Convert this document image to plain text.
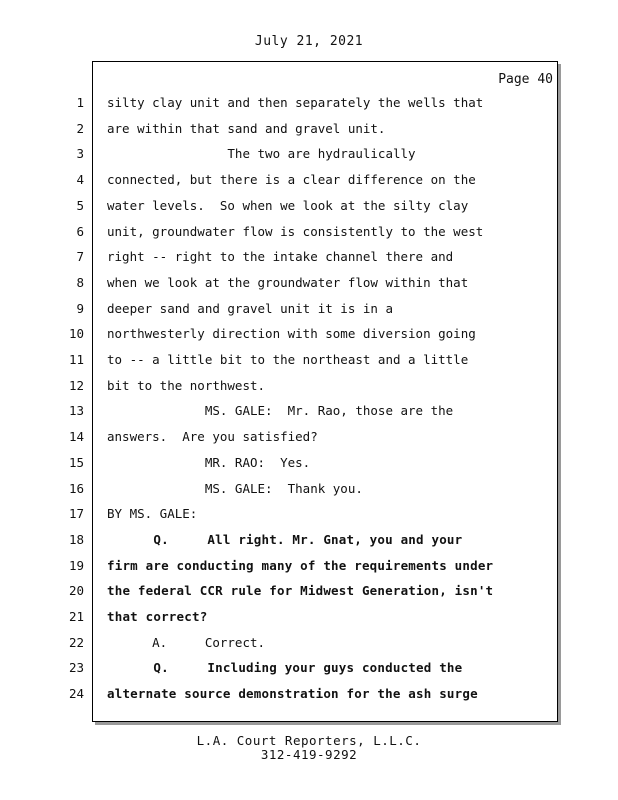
July 21, 2021
Page 40
1 silty clay unit and then separately the wells that
2 are within that sand and gravel unit.
3 The two are hydraulically
4 connected, but there is a clear difference on the
5 water levels.  So when we look at the silty clay
6 unit, groundwater flow is consistently to the west
7 right -- right to the intake channel there and
8 when we look at the groundwater flow within that
9 deeper sand and gravel unit it is in a
10 northwesterly direction with some diversion going
11 to -- a little bit to the northeast and a little
12 bit to the northwest.
13 MS. GALE:  Mr. Rao, those are the
14 answers.  Are you satisfied?
15 MR. RAO:  Yes.
16 MS. GALE:  Thank you.
17 BY MS. GALE:
18 Q.     All right. Mr. Gnat, you and your
19 firm are conducting many of the requirements under
20 the federal CCR rule for Midwest Generation, isn't
21 that correct?
22 A.     Correct.
23 Q.     Including your guys conducted the
24 alternate source demonstration for the ash surge
L.A. Court Reporters, L.L.C.
312-419-9292
